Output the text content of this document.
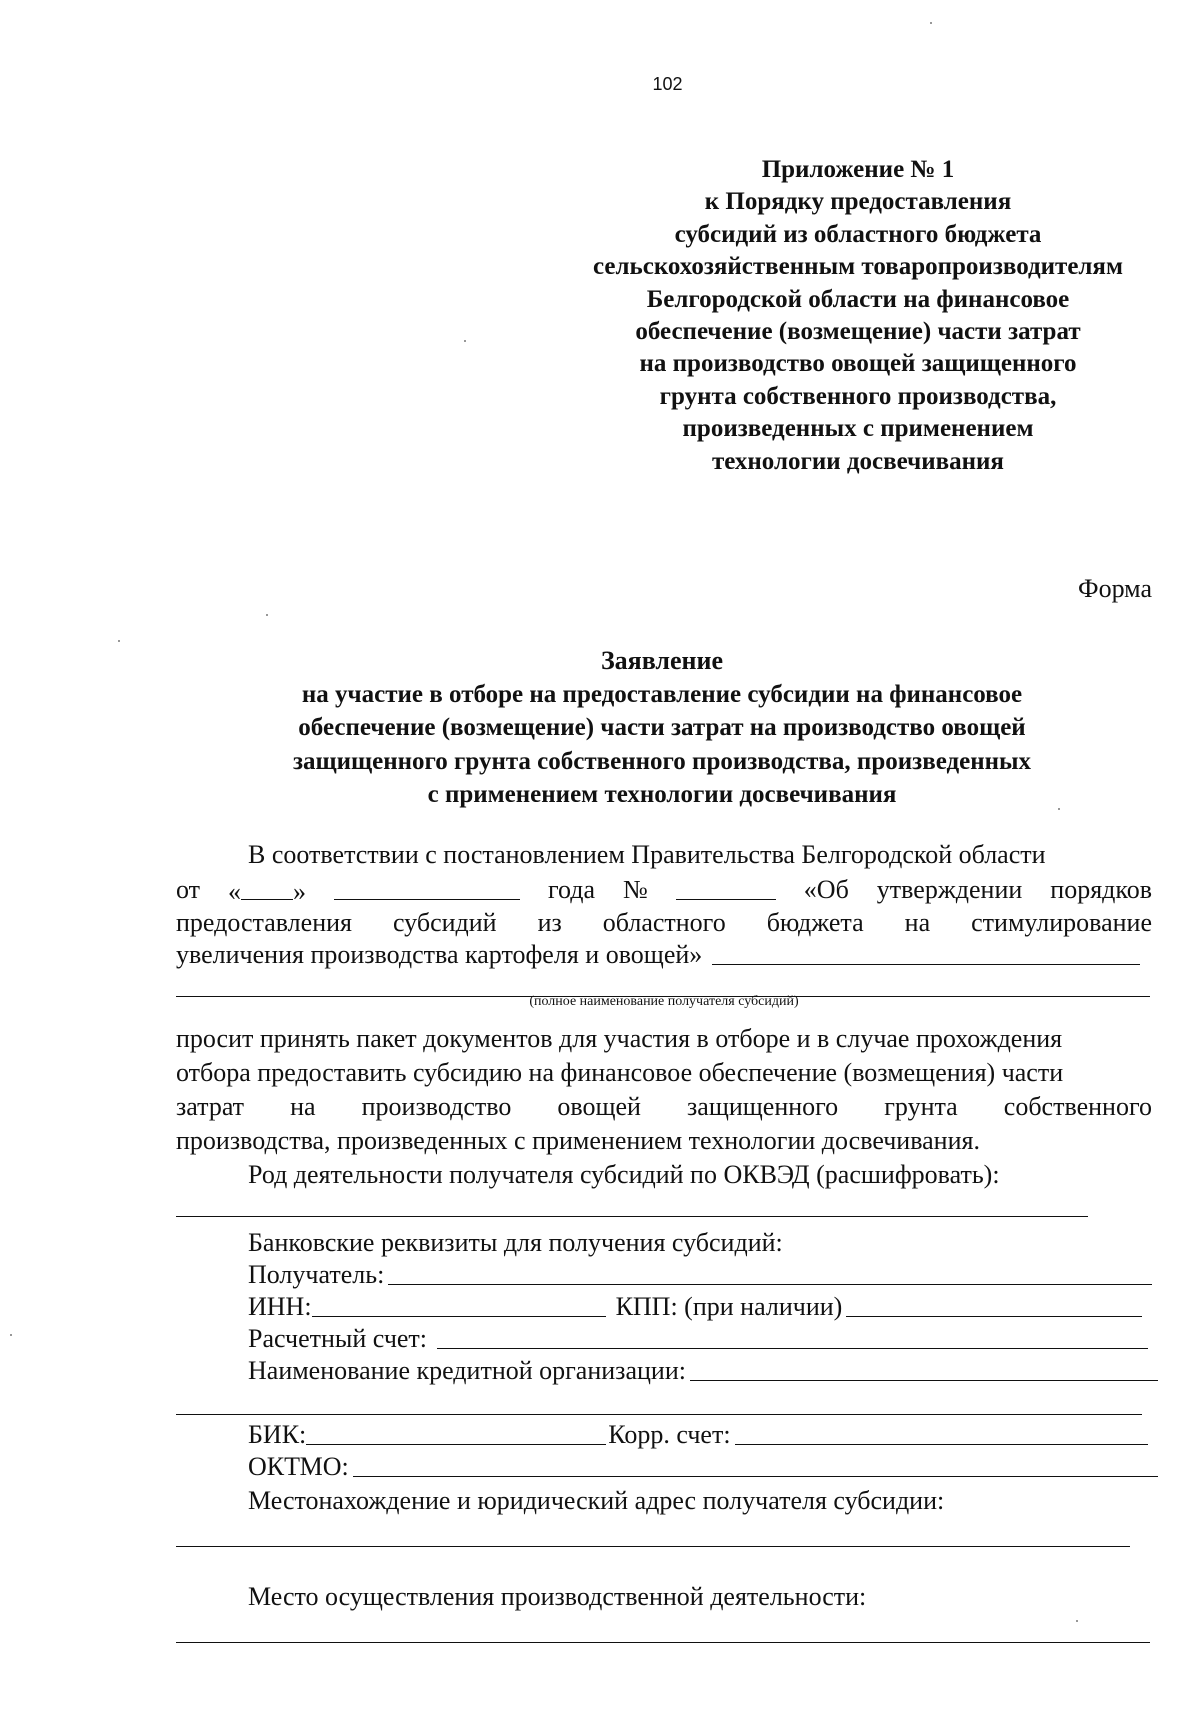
102
Приложение № 1
к Порядку предоставления
субсидий из областного бюджета
сельскохозяйственным товаропроизводителям
Белгородской области на финансовое
обеспечение (возмещение) части затрат
на производство овощей защищенного
грунта собственного производства,
произведенных с применением
технологии досвечивания
Форма
Заявление
на участие в отборе на предоставление субсидии на финансовое
обеспечение (возмещение) части затрат на производство овощей
защищенного грунта собственного производства, произведенных
с применением технологии досвечивания
В соответствии с постановлением Правительства Белгородской области
от « »	года №	«Об утверждении порядков
предоставления субсидий из областного бюджета на стимулирование
увеличения производства картофеля и овощей»
(полное наименование получателя субсидий)
просит принять пакет документов для участия в отборе и в случае прохождения
отбора предоставить субсидию на финансовое обеспечение (возмещения) части
затрат на производство овощей защищенного грунта собственного
производства, произведенных с применением технологии досвечивания.
Род деятельности получателя субсидий по ОКВЭД (расшифровать):
Банковские реквизиты для получения субсидий:
Получатель:
ИНН:	КПП: (при наличии)
Расчетный счет:
Наименование кредитной организации:
БИК:	Корр. счет:
ОКТМО:
Местонахождение и юридический адрес получателя субсидии:
Место осуществления производственной деятельности:
